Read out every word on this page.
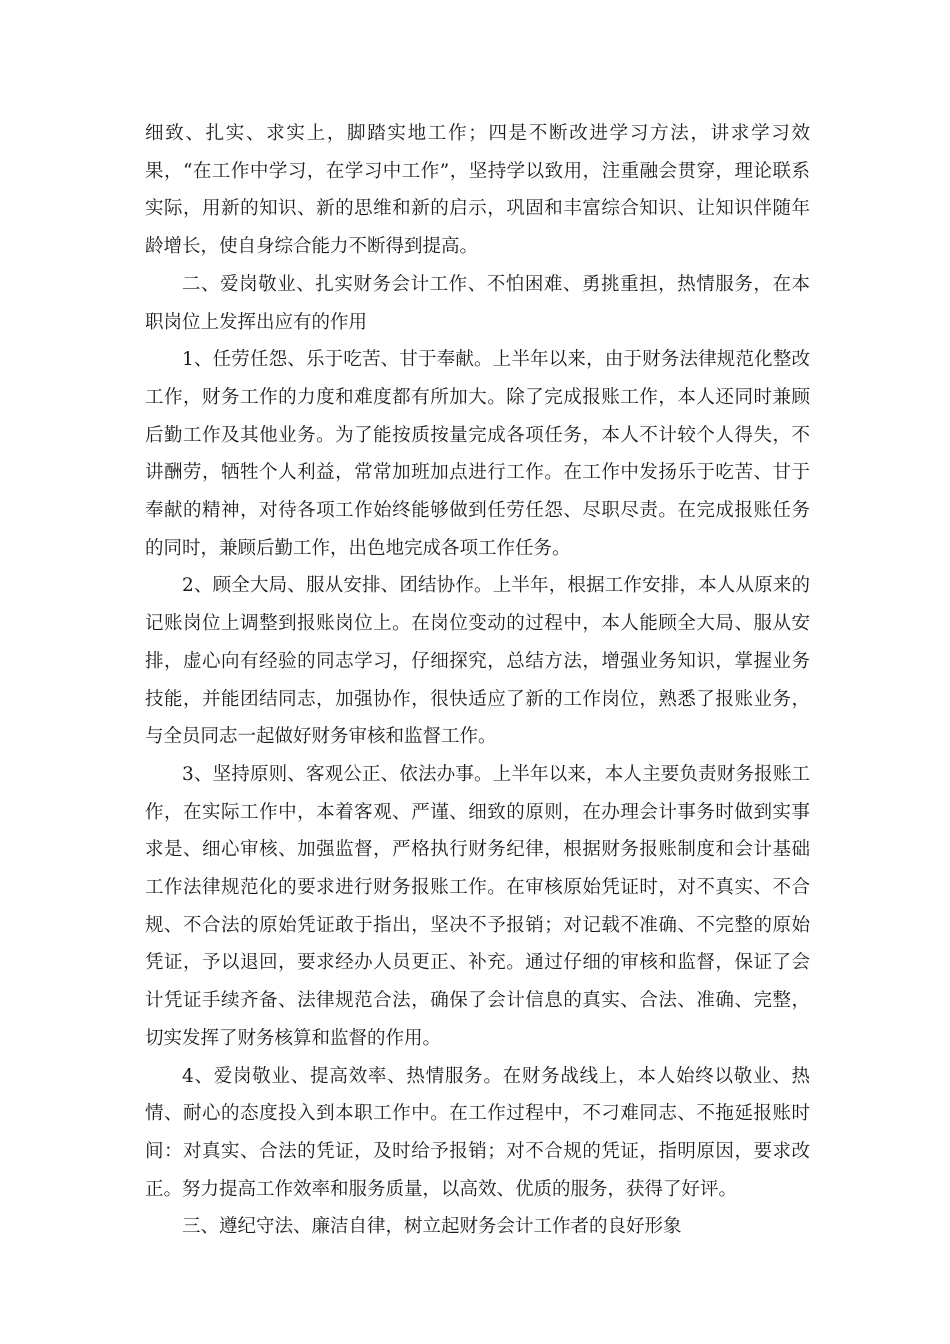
细致、扎实、求实上，脚踏实地工作；四是不断改进学习方法，讲求学习效果，“在工作中学习，在学习中工作”，坚持学以致用，注重融会贯穿，理论联系实际，用新的知识、新的思维和新的启示，巩固和丰富综合知识、让知识伴随年龄增长，使自身综合能力不断得到提高。

二、爱岗敬业、扎实财务会计工作、不怕困难、勇挑重担，热情服务，在本职岗位上发挥出应有的作用

1、任劳任怨、乐于吃苦、甘于奉献。上半年以来，由于财务法律规范化整改工作，财务工作的力度和难度都有所加大。除了完成报账工作，本人还同时兼顾后勤工作及其他业务。为了能按质按量完成各项任务，本人不计较个人得失，不讲酬劳，牺牲个人利益，常常加班加点进行工作。在工作中发扬乐于吃苦、甘于奉献的精神，对待各项工作始终能够做到任劳任怨、尽职尽责。在完成报账任务的同时，兼顾后勤工作，出色地完成各项工作任务。

2、顾全大局、服从安排、团结协作。上半年，根据工作安排，本人从原来的记账岗位上调整到报账岗位上。在岗位变动的过程中，本人能顾全大局、服从安排，虚心向有经验的同志学习，仔细探究，总结方法，增强业务知识，掌握业务技能，并能团结同志，加强协作，很快适应了新的工作岗位，熟悉了报账业务，与全员同志一起做好财务审核和监督工作。

3、坚持原则、客观公正、依法办事。上半年以来，本人主要负责财务报账工作，在实际工作中，本着客观、严谨、细致的原则，在办理会计事务时做到实事求是、细心审核、加强监督，严格执行财务纪律，根据财务报账制度和会计基础工作法律规范化的要求进行财务报账工作。在审核原始凭证时，对不真实、不合规、不合法的原始凭证敢于指出，坚决不予报销；对记载不准确、不完整的原始凭证，予以退回，要求经办人员更正、补充。通过仔细的审核和监督，保证了会计凭证手续齐备、法律规范合法，确保了会计信息的真实、合法、准确、完整，切实发挥了财务核算和监督的作用。

4、爱岗敬业、提高效率、热情服务。在财务战线上，本人始终以敬业、热情、耐心的态度投入到本职工作中。在工作过程中，不刁难同志、不拖延报账时间：对真实、合法的凭证，及时给予报销；对不合规的凭证，指明原因，要求改正。努力提高工作效率和服务质量，以高效、优质的服务，获得了好评。

三、遵纪守法、廉洁自律，树立起财务会计工作者的良好形象
